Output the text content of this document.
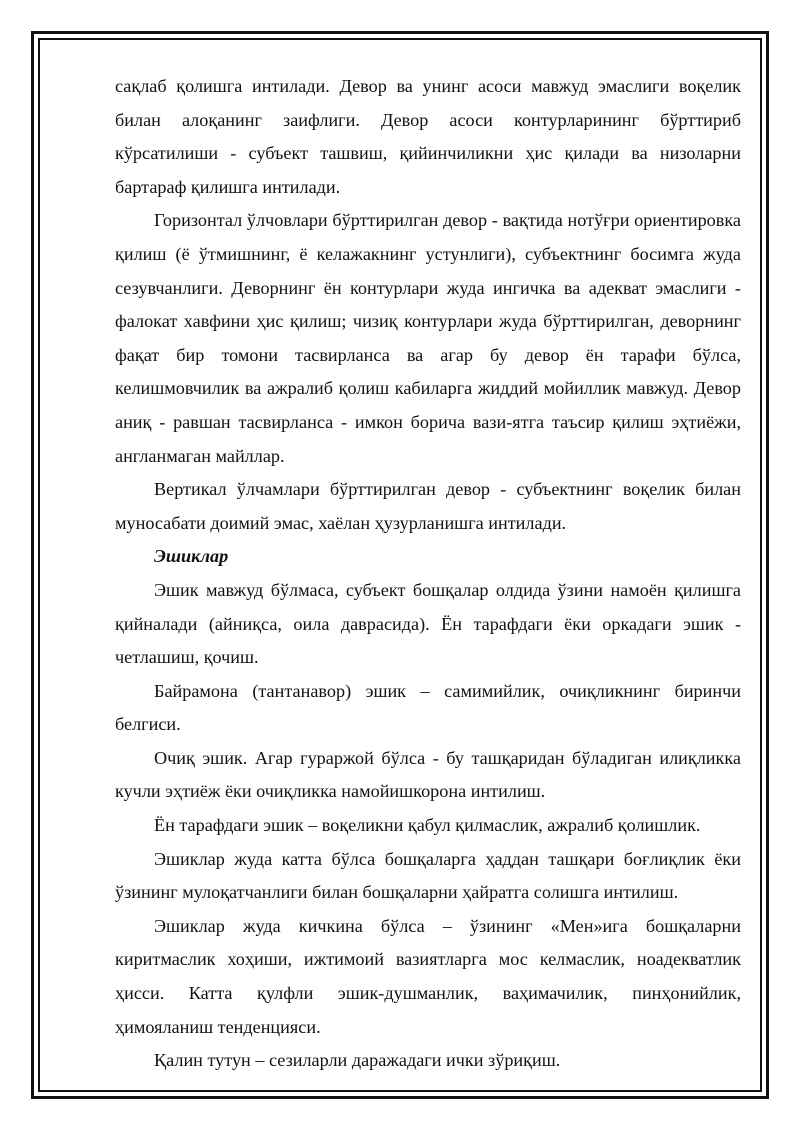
сақлаб қолишга интилади. Девор ва унинг асоси мавжуд эмаслиги воқелик билан алоқанинг заифлиги. Девор асоси контурларининг бўрттириб кўрсатилиши - субъект ташвиш, қийинчиликни ҳис қилади ва низоларни бартараф қилишга интилади.

Горизонтал ўлчовлари бўрттирилган девор - вақтида нотўғри ориентировка қилиш (ё ўтмишнинг, ё келажакнинг устунлиги), субъектнинг босимга жуда сезувчанлиги. Деворнинг ён контурлари жуда ингичка ва адекват эмаслиги - фалокат хавфини ҳис қилиш; чизиқ контурлари жуда бўрттирилган, деворнинг фақат бир томони тасвирланса ва агар бу девор ён тарафи бўлса, келишмовчилик ва ажралиб қолиш кабиларга жиддий мойиллик мавжуд. Девор аниқ - равшан тасвирланса - имкон борича вази-ятга таъсир қилиш эҳтиёжи, англанмаган майллар.

Вертикал ўлчамлари бўрттирилган девор - субъектнинг воқелик билан муносабати доимий эмас, хаёлан ҳузурланишга интилади.

Эшиклар

Эшик мавжуд бўлмаса, субъект бошқалар олдида ўзини намоён қилишга қийналади (айниқса, оила даврасида). Ён тарафдаги ёки оркадаги эшик - четлашиш, қочиш.

Байрамона (тантанавор) эшик – самимийлик, очиқликнинг биринчи белгиси.

Очиқ эшик. Агар гураржой бўлса - бу ташқаридан бўладиган илиқликка кучли эҳтиёж ёки очиқликка намойишкорона интилиш.

Ён тарафдаги эшик – воқеликни қабул қилмаслик, ажралиб қолишлик.

Эшиклар жуда катта бўлса бошқаларга ҳаддан ташқари боғлиқлик ёки ўзининг мулоқатчанлиги билан бошқаларни ҳайратга солишга интилиш.

Эшиклар жуда кичкина бўлса – ўзининг «Мен»ига бошқаларни киритмаслик хоҳиши, ижтимоий вазиятларга мос келмаслик, ноадекватлик ҳисси. Катта қулфли эшик-душманлик, ваҳимачилик, пинҳонийлик, ҳимояланиш тенденцияси.

Қалин тутун – сезиларли даражадаги ички зўриқиш.
